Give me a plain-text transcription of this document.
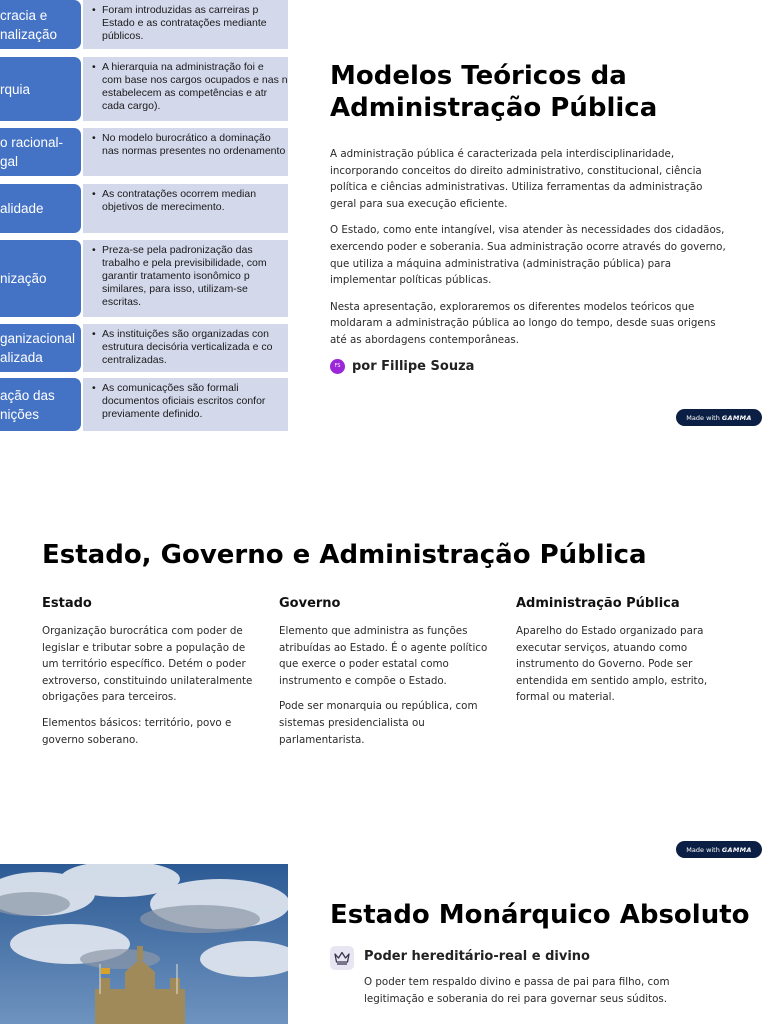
cracia e
nalização
• Foram introduzidas as carreiras p
Estado e as contratações mediante
públicos.
rquia
• A hierarquia na administração foi e
com base nos cargos ocupados e nas n
estabelecem as competências e atr
cada cargo).
o racional-
gal
• No modelo burocrático a dominação
nas normas presentes no ordenamento
alidade
• As contratações ocorrem median
objetivos de merecimento.
nização
• Preza-se pela padronização das
trabalho e pela previsibilidade, com
garantir tratamento isonômico p
similares, para isso, utilizam-se
escritas.
ganizacional
alizada
• As instituições são organizadas con
estrutura decisória verticalizada e co
centralizadas.
ação das
nições
• As comunicações são formali
documentos oficiais escritos confor
previamente definido.
Modelos Teóricos da Administração Pública

A administração pública é caracterizada pela interdisciplinaridade, incorporando conceitos do direito administrativo, constitucional, ciência política e ciências administrativas. Utiliza ferramentas da administração geral para sua execução eficiente.

O Estado, como ente intangível, visa atender às necessidades dos cidadãos, exercendo poder e soberania. Sua administração ocorre através do governo, que utiliza a máquina administrativa (administração pública) para implementar políticas públicas.

Nesta apresentação, exploraremos os diferentes modelos teóricos que moldaram a administração pública ao longo do tempo, desde suas origens até as abordagens contemporâneas.

FS por Fillipe Souza
Made with GAMMA
Estado, Governo e Administração Pública
Estado

Organização burocrática com poder de legislar e tributar sobre a população de um território específico. Detém o poder extroverso, constituindo unilateralmente obrigações para terceiros.

Elementos básicos: território, povo e governo soberano.

Governo

Elemento que administra as funções atribuídas ao Estado. É o agente político que exerce o poder estatal como instrumento e compõe o Estado.

Pode ser monarquia ou república, com sistemas presidencialista ou parlamentarista.

Administração Pública

Aparelho do Estado organizado para executar serviços, atuando como instrumento do Governo. Pode ser entendida em sentido amplo, estrito, formal ou material.

Made with GAMMA
Estado Monárquico Absoluto
Poder hereditário-real e divino
O poder tem respaldo divino e passa de pai para filho, com legitimação e soberania do rei para governar seus súditos.
